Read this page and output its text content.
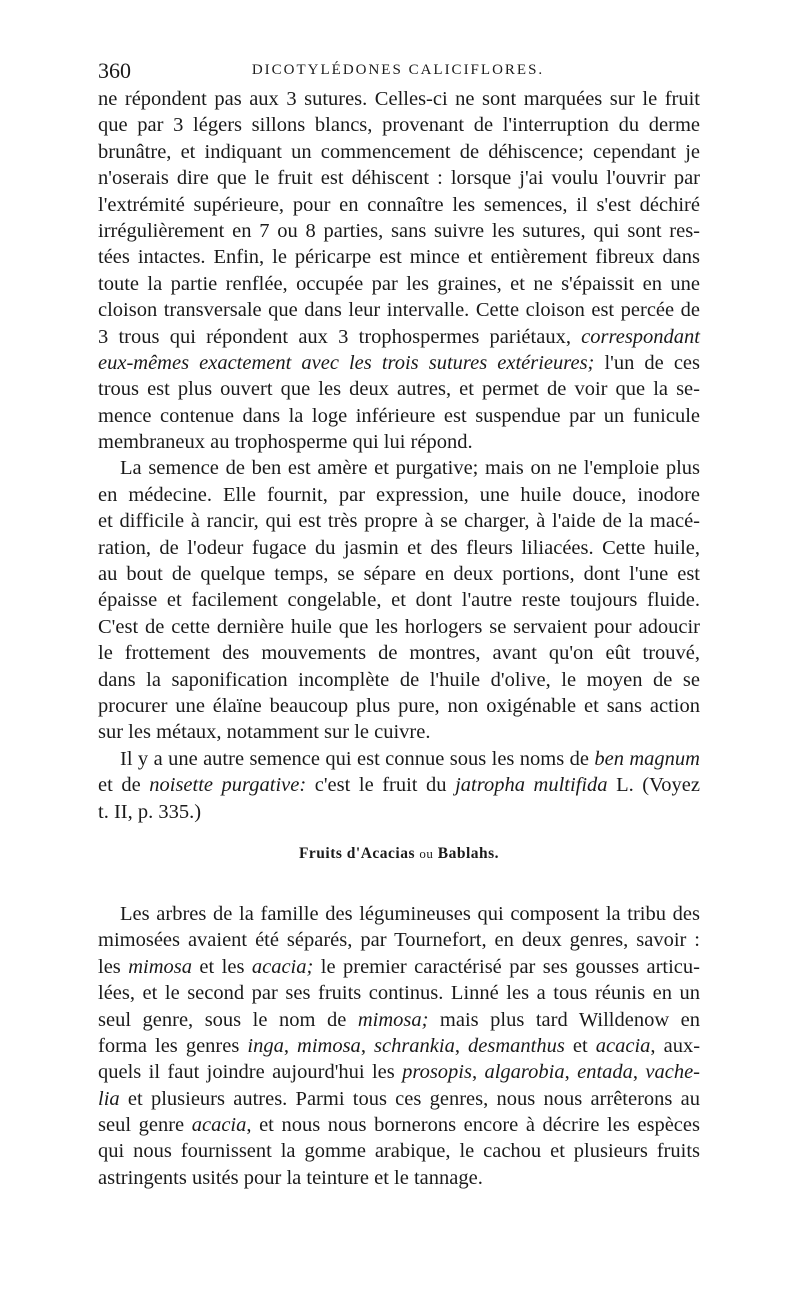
360	DICOTYLÉDONES CALICIFLORES.
ne répondent pas aux 3 sutures. Celles-ci ne sont marquées sur le fruit
que par 3 légers sillons blancs, provenant de l'interruption du derme
brunâtre, et indiquant un commencement de déhiscence; cependant je
n'oserais dire que le fruit est déhiscent : lorsque j'ai voulu l'ouvrir par
l'extrémité supérieure, pour en connaître les semences, il s'est déchiré
irrégulièrement en 7 ou 8 parties, sans suivre les sutures, qui sont res-
tées intactes. Enfin, le péricarpe est mince et entièrement fibreux dans
toute la partie renflée, occupée par les graines, et ne s'épaissit en une
cloison transversale que dans leur intervalle. Cette cloison est percée de
3 trous qui répondent aux 3 trophospermes pariétaux, correspondant
eux-mêmes exactement avec les trois sutures extérieures; l'un de ces
trous est plus ouvert que les deux autres, et permet de voir que la se-
mence contenue dans la loge inférieure est suspendue par un funicule
membraneux au trophosperme qui lui répond.
La semence de ben est amère et purgative; mais on ne l'emploie plus
en médecine. Elle fournit, par expression, une huile douce, inodore
et difficile à rancir, qui est très propre à se charger, à l'aide de la macé-
ration, de l'odeur fugace du jasmin et des fleurs liliacées. Cette huile,
au bout de quelque temps, se sépare en deux portions, dont l'une est
épaisse et facilement congelable, et dont l'autre reste toujours fluide.
C'est de cette dernière huile que les horlogers se servaient pour adoucir
le frottement des mouvements de montres, avant qu'on eût trouvé,
dans la saponification incomplète de l'huile d'olive, le moyen de se
procurer une élaïne beaucoup plus pure, non oxigénable et sans action
sur les métaux, notamment sur le cuivre.
Il y a une autre semence qui est connue sous les noms de ben magnum
et de noisette purgative: c'est le fruit du jatropha multifida L. (Voyez
t. II, p. 335.)
Fruits d'Acacias ou Bablahs.
Les arbres de la famille des légumineuses qui composent la tribu des
mimosées avaient été séparés, par Tournefort, en deux genres, savoir :
les mimosa et les acacia; le premier caractérisé par ses gousses articu-
lées, et le second par ses fruits continus. Linné les a tous réunis en un
seul genre, sous le nom de mimosa; mais plus tard Willdenow en
forma les genres inga, mimosa, schrankia, desmanthus et acacia, aux-
quels il faut joindre aujourd'hui les prosopis, algarobia, entada, vache-
lia et plusieurs autres. Parmi tous ces genres, nous nous arrêterons au
seul genre acacia, et nous nous bornerons encore à décrire les espèces
qui nous fournissent la gomme arabique, le cachou et plusieurs fruits
astringents usités pour la teinture et le tannage.
